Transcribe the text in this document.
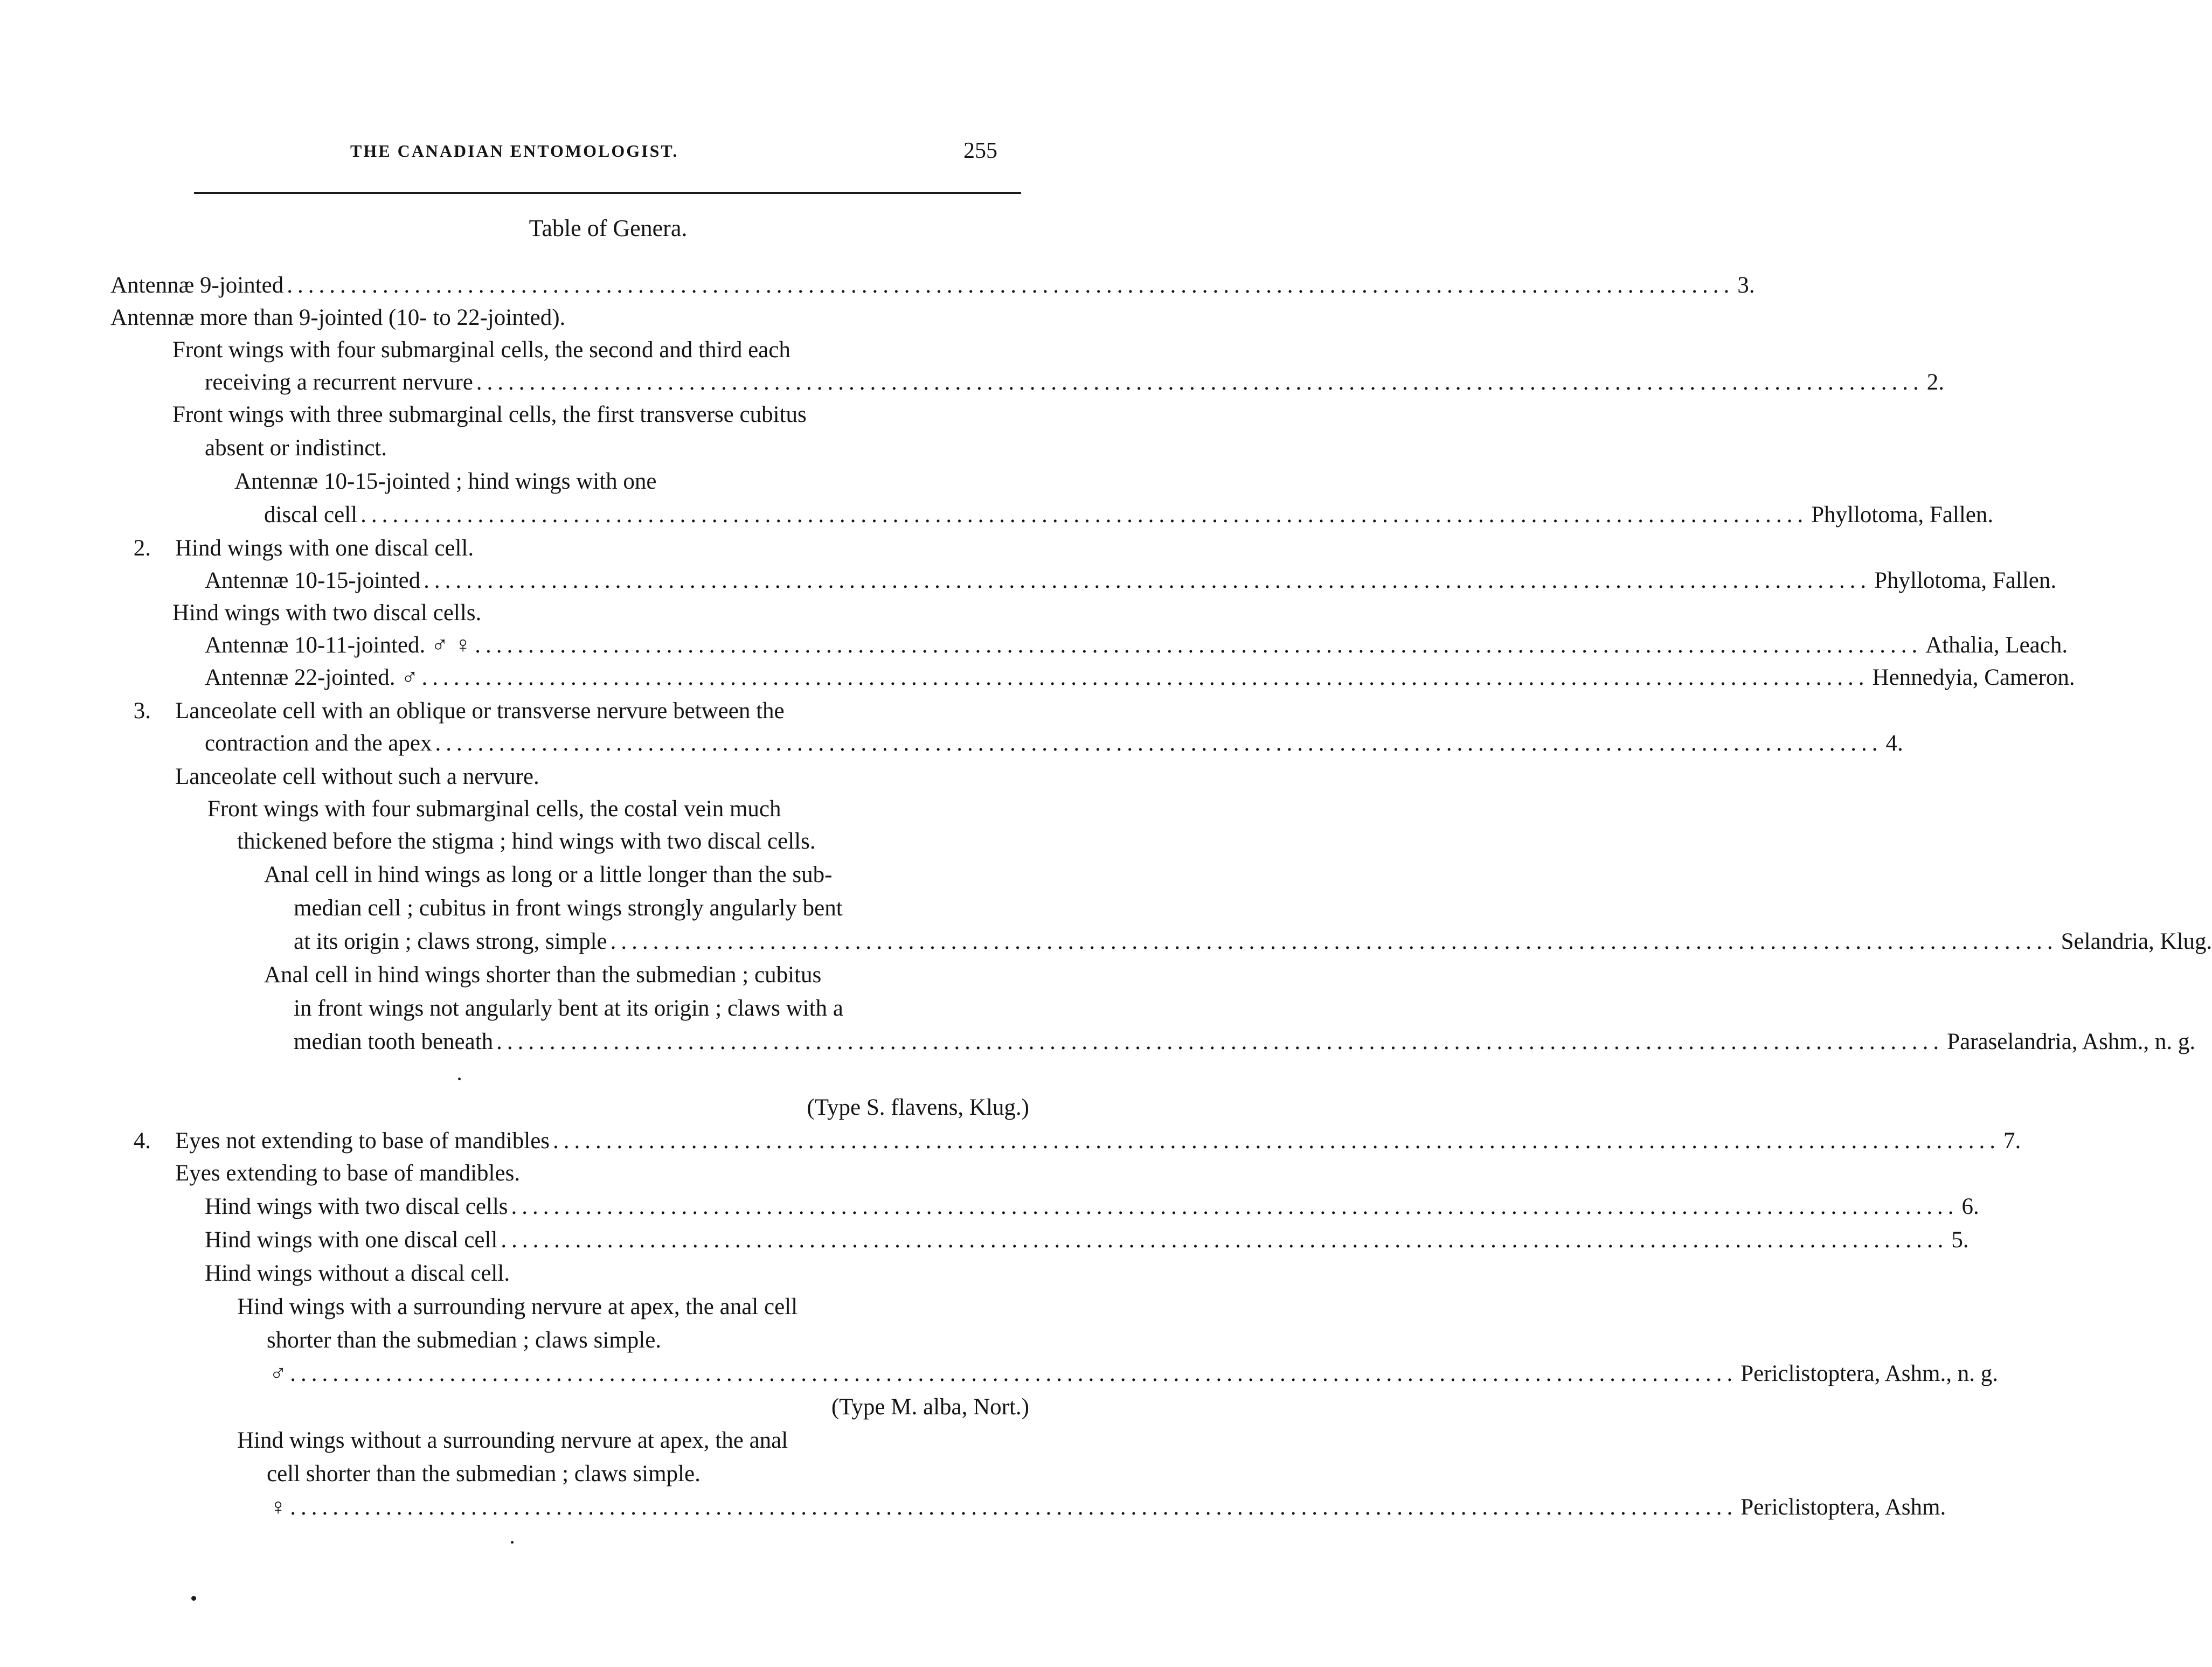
THE CANADIAN ENTOMOLOGIST.	255
Table of Genera.
Antennæ 9-jointed ........................................................................................................................................ 3.
Antennæ more than 9-jointed (10- to 22-jointed).
Front wings with four submarginal cells, the second and third each
receiving a recurrent nervure ........................................................................................................................................ 2.
Front wings with three submarginal cells, the first transverse cubitus
absent or indistinct.
Antennæ 10-15-jointed ; hind wings with one
discal cell ........................................................................................................................................ Phyllotoma, Fallen.
2. Hind wings with one discal cell.
Antennæ 10-15-jointed ........................................................................................................................................ Phyllotoma, Fallen.
Hind wings with two discal cells.
Antennæ 10-11-jointed. ♂ ♀ ........................................................................................................................................ Athalia, Leach.
Antennæ 22-jointed. ♂ ........................................................................................................................................ Hennedyia, Cameron.
3. Lanceolate cell with an oblique or transverse nervure between the
contraction and the apex ........................................................................................................................................ 4.
Lanceolate cell without such a nervure.
Front wings with four submarginal cells, the costal vein much
thickened before the stigma ; hind wings with two discal cells.
Anal cell in hind wings as long or a little longer than the sub-
median cell ; cubitus in front wings strongly angularly bent
at its origin ; claws strong, simple ........................................................................................................................................ Selandria, Klug.
Anal cell in hind wings shorter than the submedian ; cubitus
in front wings not angularly bent at its origin ; claws with a
median tooth beneath ........................................................................................................................................ Paraselandria, Ashm., n. g.
(Type S. flavens, Klug.)
4. Eyes not extending to base of mandibles ........................................................................................................................................ 7.
Eyes extending to base of mandibles.
Hind wings with two discal cells ........................................................................................................................................ 6.
Hind wings with one discal cell ........................................................................................................................................ 5.
Hind wings without a discal cell.
Hind wings with a surrounding nervure at apex, the anal cell
shorter than the submedian ; claws simple.
♂ ........................................................................................................................................ Periclistoptera, Ashm., n. g.
(Type M. alba, Nort.)
Hind wings without a surrounding nervure at apex, the anal
cell shorter than the submedian ; claws simple.
♀ ........................................................................................................................................ Periclistoptera, Ashm.
